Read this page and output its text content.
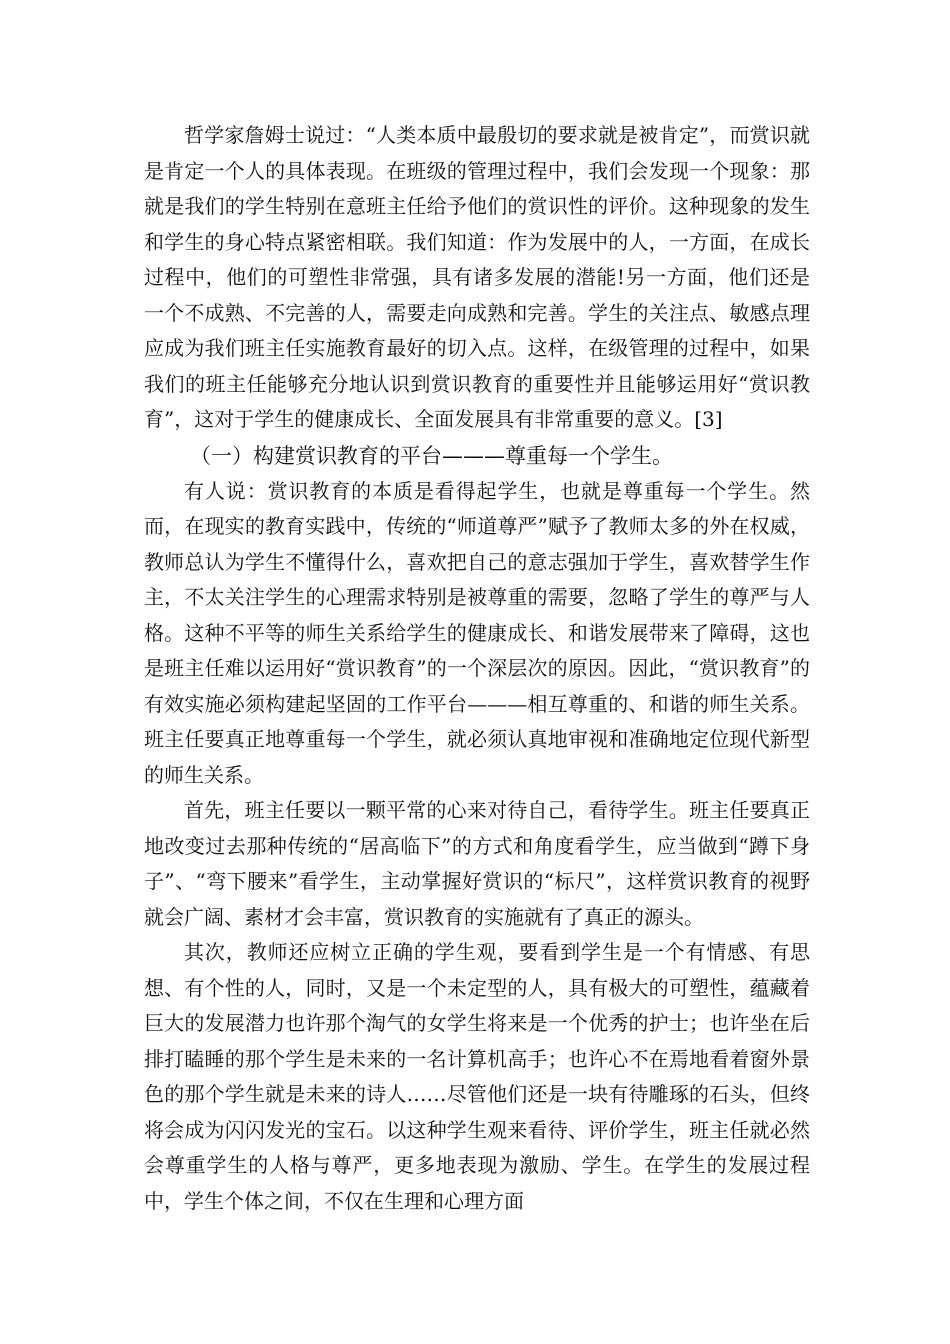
哲学家詹姆士说过：“人类本质中最殷切的要求就是被肯定”，而赏识就是肯定一个人的具体表现。在班级的管理过程中，我们会发现一个现象：那就是我们的学生特别在意班主任给予他们的赏识性的评价。这种现象的发生和学生的身心特点紧密相联。我们知道：作为发展中的人，一方面，在成长过程中，他们的可塑性非常强，具有诸多发展的潜能!另一方面，他们还是一个不成熟、不完善的人，需要走向成熟和完善。学生的关注点、敏感点理应成为我们班主任实施教育最好的切入点。这样，在级管理的过程中，如果我们的班主任能够充分地认识到赏识教育的重要性并且能够运用好“赏识教育”，这对于学生的健康成长、全面发展具有非常重要的意义。[3]

（一）构建赏识教育的平台———尊重每一个学生。

有人说：赏识教育的本质是看得起学生，也就是尊重每一个学生。然而，在现实的教育实践中，传统的“师道尊严”赋予了教师太多的外在权威，教师总认为学生不懂得什么，喜欢把自己的意志强加于学生，喜欢替学生作主，不太关注学生的心理需求特别是被尊重的需要，忽略了学生的尊严与人格。这种不平等的师生关系给学生的健康成长、和谐发展带来了障碍，这也是班主任难以运用好“赏识教育”的一个深层次的原因。因此，“赏识教育”的有效实施必须构建起坚固的工作平台———相互尊重的、和谐的师生关系。班主任要真正地尊重每一个学生，就必须认真地审视和准确地定位现代新型的师生关系。

首先，班主任要以一颗平常的心来对待自己，看待学生。班主任要真正地改变过去那种传统的“居高临下”的方式和角度看学生，应当做到“蹲下身子”、“弯下腰来”看学生，主动掌握好赏识的“标尺”，这样赏识教育的视野就会广阔、素材才会丰富，赏识教育的实施就有了真正的源头。

其次，教师还应树立正确的学生观，要看到学生是一个有情感、有思想、有个性的人，同时，又是一个未定型的人，具有极大的可塑性，蕴藏着巨大的发展潜力也许那个淘气的女学生将来是一个优秀的护士；也许坐在后排打瞌睡的那个学生是未来的一名计算机高手；也许心不在焉地看着窗外景色的那个学生就是未来的诗人……尽管他们还是一块有待雕琢的石头，但终将会成为闪闪发光的宝石。以这种学生观来看待、评价学生，班主任就必然会尊重学生的人格与尊严，更多地表现为激励、学生。在学生的发展过程中，学生个体之间，不仅在生理和心理方面
